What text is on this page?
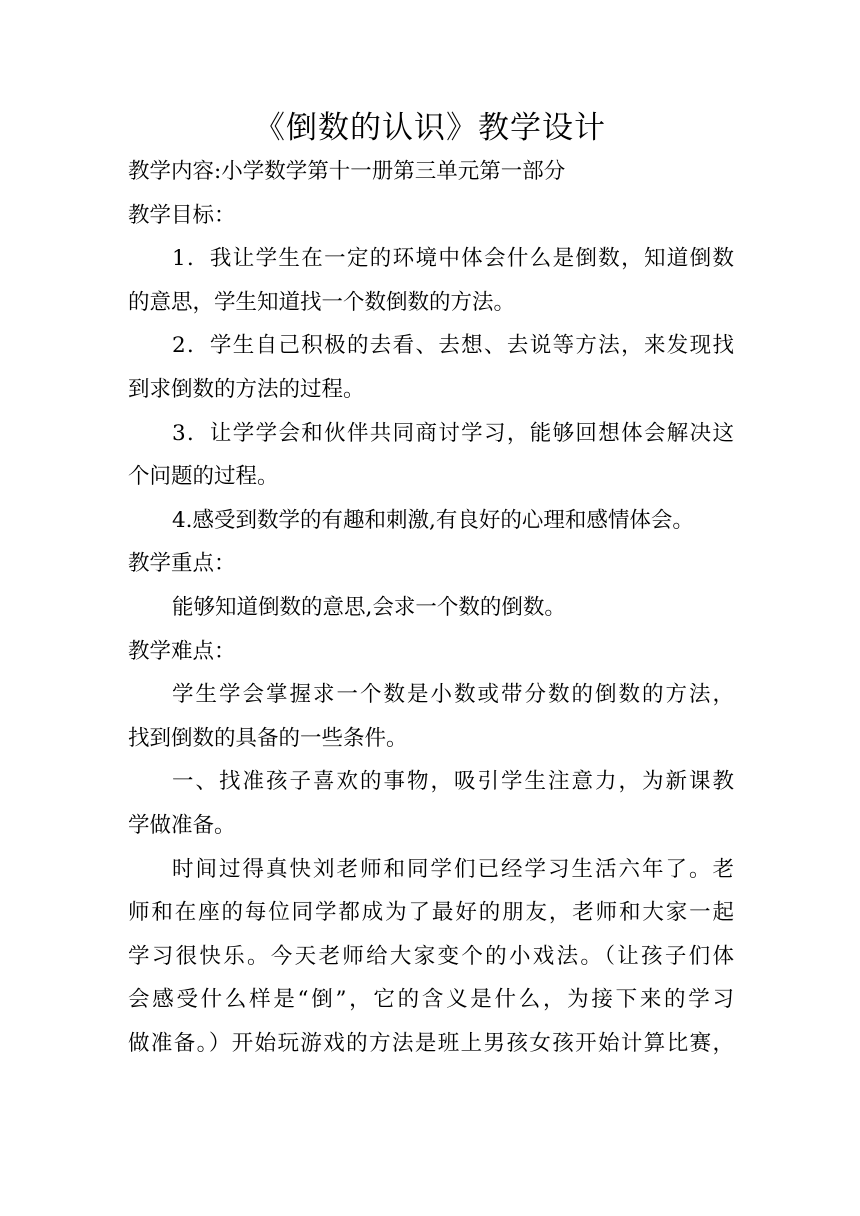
《倒数的认识》教学设计
教学内容:小学数学第十一册第三单元第一部分
教学目标：
1．我让学生在一定的环境中体会什么是倒数，知道倒数
的意思，学生知道找一个数倒数的方法。
2．学生自己积极的去看、去想、去说等方法，来发现找
到求倒数的方法的过程。
3．让学学会和伙伴共同商讨学习，能够回想体会解决这
个问题的过程。
4.感受到数学的有趣和刺激,有良好的心理和感情体会。
教学重点：
能够知道倒数的意思,会求一个数的倒数。
教学难点：
学生学会掌握求一个数是小数或带分数的倒数的方法，
找到倒数的具备的一些条件。
一、找准孩子喜欢的事物，吸引学生注意力，为新课教
学做准备。
时间过得真快刘老师和同学们已经学习生活六年了。老
师和在座的每位同学都成为了最好的朋友，老师和大家一起
学习很快乐。今天老师给大家变个的小戏法。（让孩子们体
会感受什么样是“倒”，它的含义是什么，为接下来的学习
做准备。）开始玩游戏的方法是班上男孩女孩开始计算比赛，
